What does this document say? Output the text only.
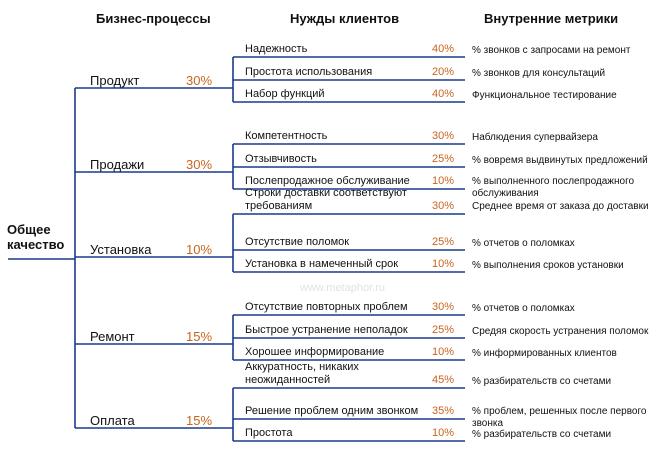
Бизнес-процессы	Нужды клиентов	Внутренние метрики
Общее качество
www.metaphor.ru
Продукт	30%
Надежность	40% % звонков с запросами на ремонт
Простота использования	20% % звонков для консультаций
Набор функций	40% Функциональное тестирование
Продажи	30%
Компетентность	30% Наблюдения супервайзера
Отзывчивость	25% % вовремя выдвинутых предложений
Послепродажное обслуживание 10% % выполненного послепродажного обслуживания
Установка	10%
Строки доставки соответствуют требованиям	30% Среднее время от заказа до доставки
Отсутствие поломок	25% % отчетов о поломках
Установка в намеченный срок	10% % выполнения сроков установки
Ремонт	15%
Отсутствие повторных проблем 30% % отчетов о поломках
Быстрое устранение неполадок 25% Средяя скорость устранения поломок
Хорошее информирование	10% % информированных клиентов
Оплата	15%
Аккуратность, никаких неожиданностей	45% % разбирательств со счетами
Решение проблем одним звонком 35% % проблем, решенных после первого звонка
Простота	10% % разбирательств со счетами
